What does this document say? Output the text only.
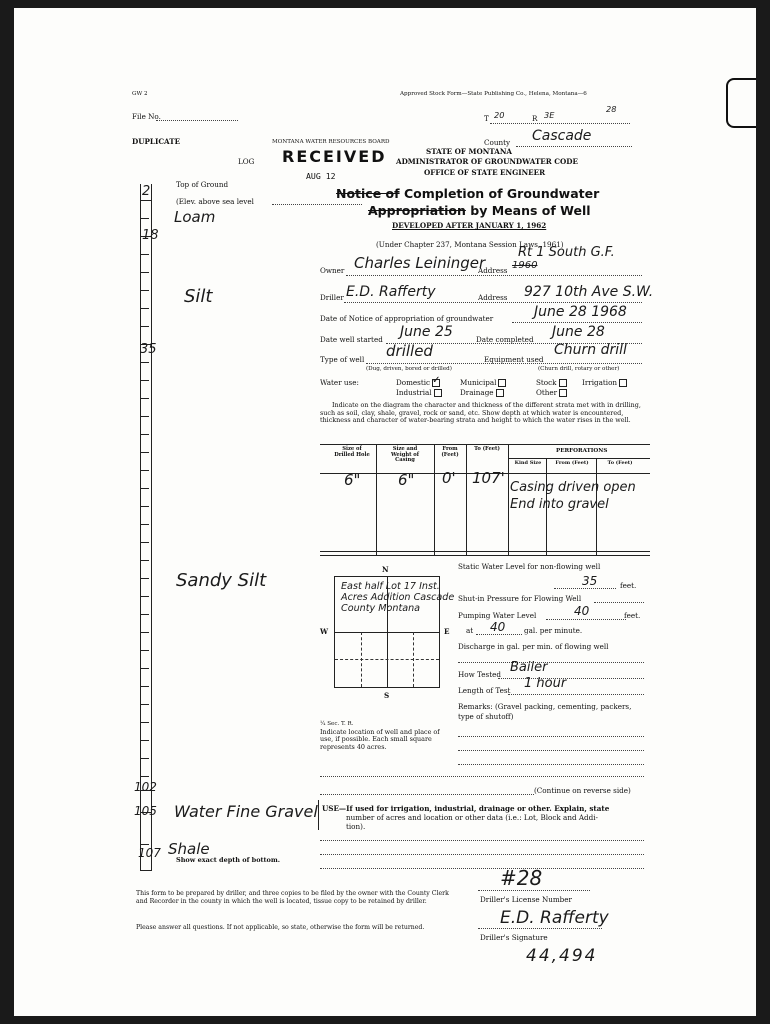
GW 2	Approved Stock Form—State Publishing Co., Helena, Montana—6
File No.	T 20	R 3E
28
DUPLICATE	MONTANA WATER RESOURCES BOARD	County Cascade
LOG RECEIVED
AUG 12
STATE OF MONTANA
ADMINISTRATOR OF GROUNDWATER CODE
OFFICE OF STATE ENGINEER
Notice of Completion of Groundwater
Appropriation by Means of Well
DEVELOPED AFTER JANUARY 1, 1962
(Under Chapter 237, Montana Session Laws, 1961)
Top of Ground
(Elev. above sea level
2
18
35
102
105
107
Loam
Silt
Sandy Silt
Water Fine Gravel
Shale
Show exact depth of bottom.
Owner Charles Leininger
Address 1960
Rt 1 South G.F.
Driller E.D. Rafferty	Address 927 10th Ave S.W.
Date of Notice of appropriation of groundwater	June 28 1968
Date well started June 25	Date completed June 28
Type of well drilled	Equipment used
Churn drill
(Dug, driven, bored or drilled)	(Churn drill, rotary or other)
Water use:	Domestic ✓	Municipal	Stock	Irrigation
Industrial	Drainage	Other
Indicate on the diagram the character and thickness of the different strata met with in drilling, such as soil, clay, shale, gravel, rock or sand, etc. Show depth at which water is encountered, thickness and character of water-bearing strata and height to which the water rises in the well.
Size of Drilled Hole
Size and Weight of Casing
From (Feet)
To (Feet)	PERFORATIONS
Kind Size	From (Feet)	To (Feet)
6"	6" 0' 107'
Casing driven open End into gravel
N
S
W	E
East half Lot 17 Inst. Acres Addition Cascade County Montana
¼ Sec. T. R.
Indicate location of well and place of use, if possible. Each small square represents 40 acres.
Static Water Level for non-flowing well
35	feet.
Shut-in Pressure for Flowing Well
Pumping Water Level	40	feet.
at 40	gal. per minute.
Discharge in gal. per min. of flowing well
How Tested Bailer
Length of Test 1 hour
Remarks: (Gravel packing, cementing, packers, type of shutoff)
(Continue on reverse side)
USE—If used for irrigation, industrial, drainage or other. Explain, state
number of acres and location or other data (i.e.: Lot, Block and Addi-
tion).
This form to be prepared by driller, and three copies to be filed by the owner with the County Clerk and Recorder in the county in which the well is located, tissue copy to be retained by driller.
Please answer all questions. If not applicable, so state, otherwise the form will be returned.
#28
Driller's License Number
E.D. Rafferty
Driller's Signature
44,494
